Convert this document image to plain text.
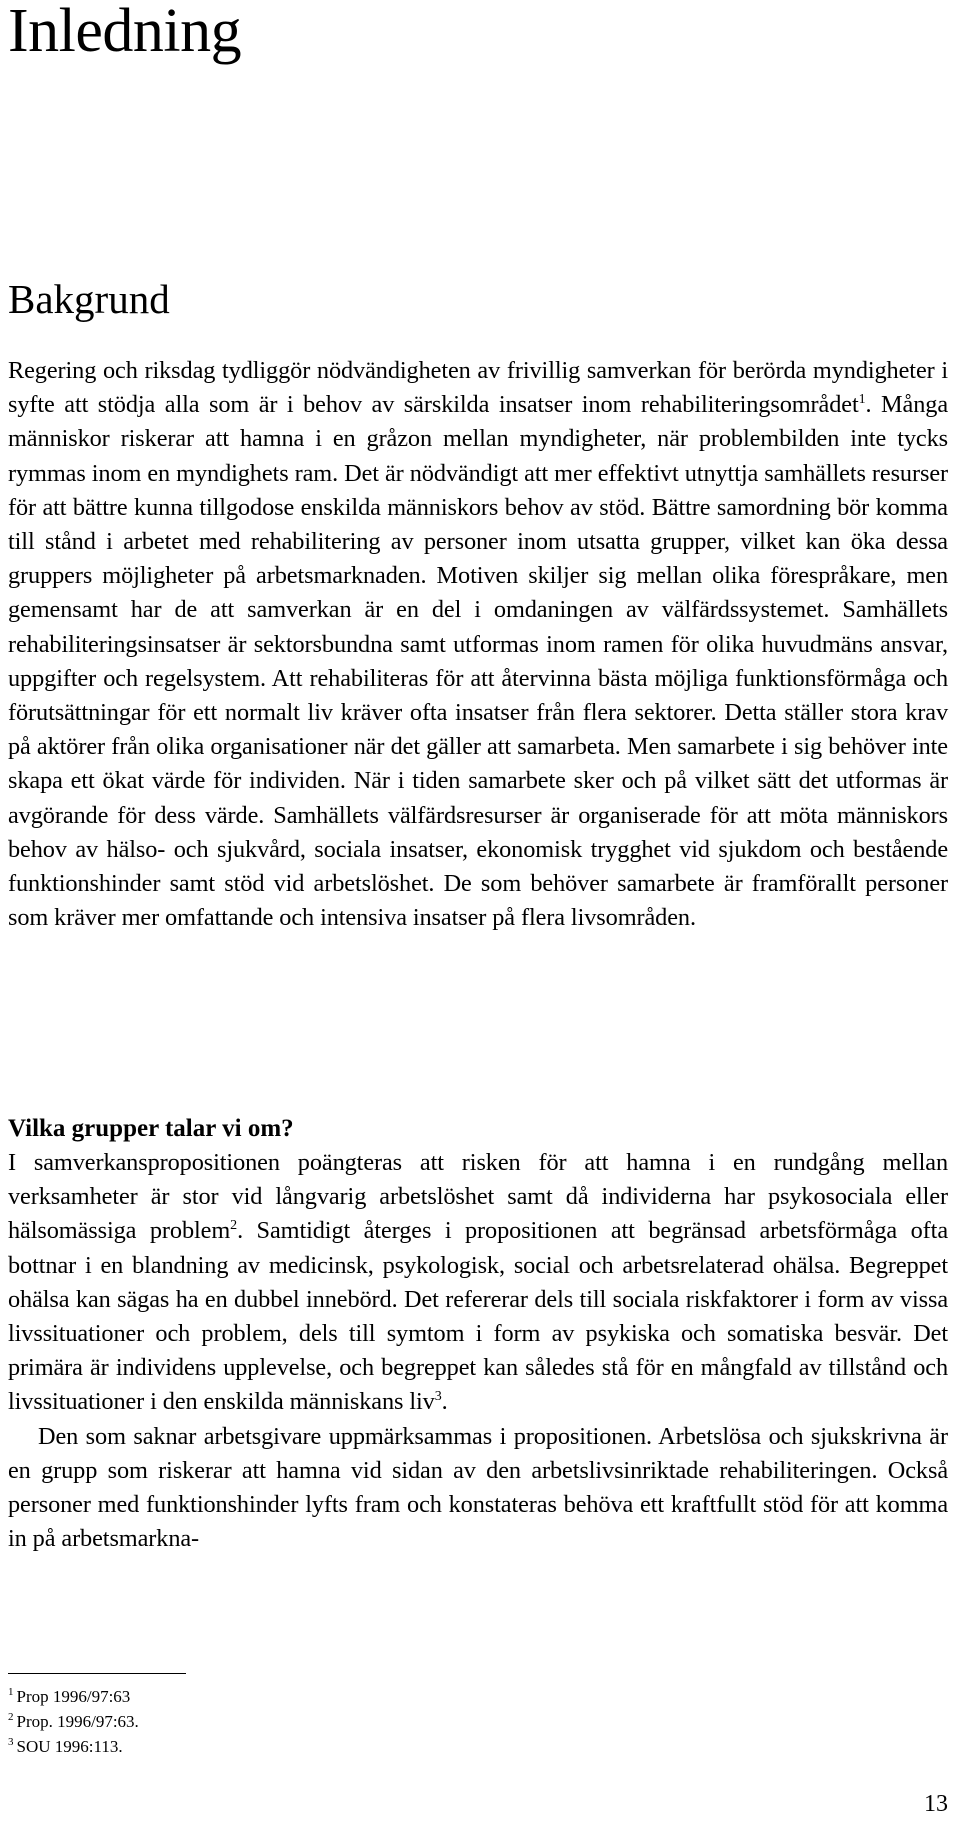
Inledning
Bakgrund

Regering och riksdag tydliggör nödvändigheten av frivillig samverkan för berörda myndigheter i syfte att stödja alla som är i behov av särskilda insatser inom rehabiliteringsområdet$^1$. Många människor riskerar att hamna i en gråzon mellan myndigheter, när problembilden inte tycks rymmas inom en myndighets ram. Det är nödvändigt att mer effektivt utnyttja samhällets resurser för att bättre kunna tillgodose enskilda människors behov av stöd. Bättre samordning bör komma till stånd i arbetet med rehabilitering av personer inom utsatta grupper, vilket kan öka dessa gruppers möjligheter på arbetsmarknaden. Motiven skiljer sig mellan olika förespråkare, men gemensamt har de att samverkan är en del i omdaningen av välfärdssystemet. Samhällets rehabiliteringsinsatser är sektorsbundna samt utformas inom ramen för olika huvudmäns ansvar, uppgifter och regelsystem. Att rehabiliteras för att återvinna bästa möjliga funktionsförmåga och förutsättningar för ett normalt liv kräver ofta insatser från flera sektorer. Detta ställer stora krav på aktörer från olika organisationer när det gäller att samarbeta. Men samarbete i sig behöver inte skapa ett ökat värde för individen. När i tiden samarbete sker och på vilket sätt det utformas är avgörande för dess värde. Samhällets välfärdsresurser är organiserade för att möta människors behov av hälso- och sjukvård, sociala insatser, ekonomisk trygghet vid sjukdom och bestående funktionshinder samt stöd vid arbetslöshet. De som behöver samarbete är framförallt personer som kräver mer omfattande och intensiva insatser på flera livsområden.

Vilka grupper talar vi om?

I samverkanspropositionen poängteras att risken för att hamna i en rundgång mellan verksamheter är stor vid långvarig arbetslöshet samt då individerna har psykosociala eller hälsomässiga problem$^2$. Samtidigt återges i propositionen att begränsad arbetsförmåga ofta bottnar i en blandning av medicinsk, psykologisk, social och arbetsrelaterad ohälsa. Begreppet ohälsa kan sägas ha en dubbel innebörd. Det refererar dels till sociala riskfaktorer i form av vissa livssituationer och problem, dels till symtom i form av psykiska och somatiska besvär. Det primära är individens upplevelse, och begreppet kan således stå för en mångfald av tillstånd och livssituationer i den enskilda människans liv$^3$.

Den som saknar arbetsgivare uppmärksammas i propositionen. Arbetslösa och sjukskrivna är en grupp som riskerar att hamna vid sidan av den arbetslivsinriktade rehabiliteringen. Också personer med funktionshinder lyfts fram och konstateras behöva ett kraftfullt stöd för att komma in på arbetsmarkna-

$^1$ Prop 1996/97:63

$^2$ Prop. 1996/97:63.

$^3$ SOU 1996:113.

13
